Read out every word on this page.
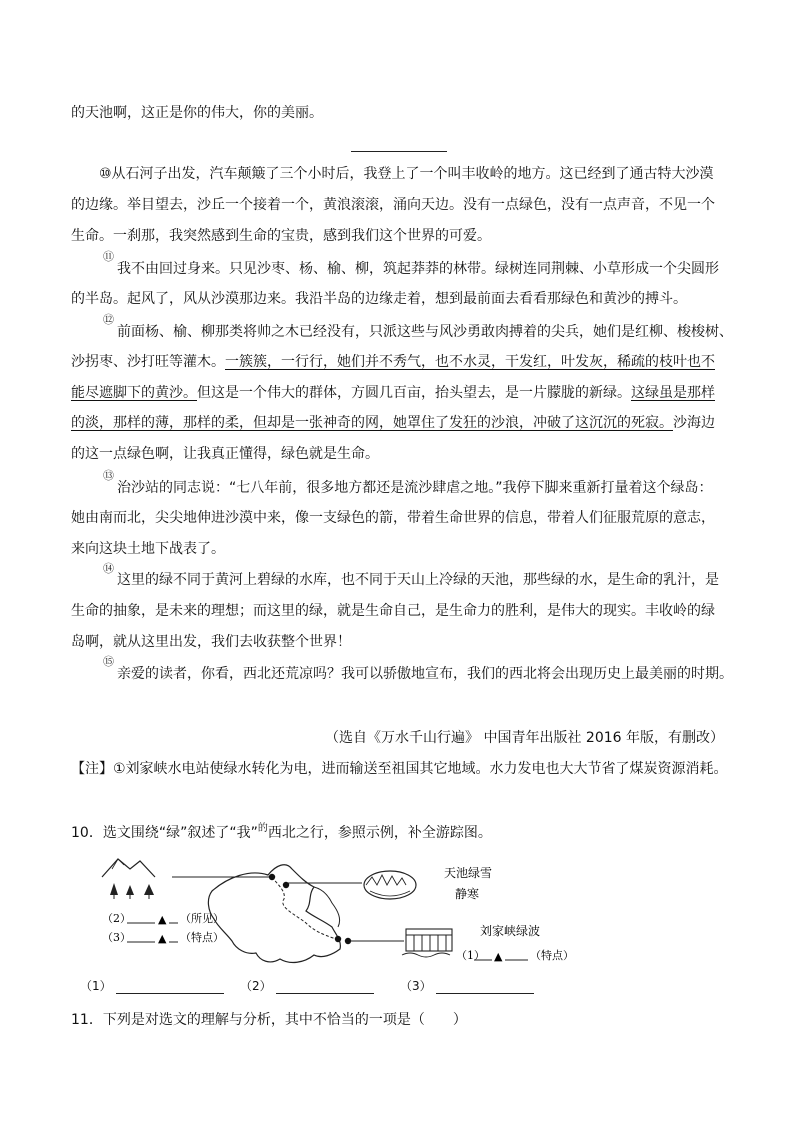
的天池啊，这正是你的伟大，你的美丽。
⑩从石河子出发，汽车颠簸了三个小时后，我登上了一个叫丰收岭的地方。这已经到了通古特大沙漠
的边缘。举目望去，沙丘一个接着一个，黄浪滚滚，涌向天边。没有一点绿色，没有一点声音，不见一个
生命。一刹那，我突然感到生命的宝贵，感到我们这个世界的可爱。
⑪
我不由回过身来。只见沙枣、杨、榆、柳，筑起莽莽的林带。绿树连同荆棘、小草形成一个尖圆形
的半岛。起风了，风从沙漠那边来。我沿半岛的边缘走着，想到最前面去看看那绿色和黄沙的搏斗。
⑫
前面杨、榆、柳那类将帅之木已经没有，只派这些与风沙勇敢肉搏着的尖兵，她们是红柳、梭梭树、
沙拐枣、沙打旺等灌木。一簇簇，一行行，她们并不秀气，也不水灵，干发红，叶发灰，稀疏的枝叶也不
能尽遮脚下的黄沙。但这是一个伟大的群体，方圆几百亩，抬头望去，是一片朦胧的新绿。这绿虽是那样
的淡，那样的薄，那样的柔，但却是一张神奇的网，她罩住了发狂的沙浪，冲破了这沉沉的死寂。沙海边
的这一点绿色啊，让我真正懂得，绿色就是生命。
⑬
治沙站的同志说：“七八年前，很多地方都还是流沙肆虐之地。”我停下脚来重新打量着这个绿岛：
她由南而北，尖尖地伸进沙漠中来，像一支绿色的箭，带着生命世界的信息，带着人们征服荒原的意志，
来向这块土地下战表了。
⑭
这里的绿不同于黄河上碧绿的水库，也不同于天山上冷绿的天池，那些绿的水，是生命的乳汁，是
生命的抽象，是未来的理想；而这里的绿，就是生命自己，是生命力的胜利，是伟大的现实。丰收岭的绿
岛啊，就从这里出发，我们去收获整个世界！
⑮
亲爱的读者，你看，西北还荒凉吗？我可以骄傲地宣布，我们的西北将会出现历史上最美丽的时期。
（选自《万水千山行遍》 中国青年出版社 2016 年版，有删改）
【注】①刘家峡水电站使绿水转化为电，进而输送至祖国其它地域。水力发电也大大节省了煤炭资源消耗。
10．选文围绕“绿”叙述了“我”$^的$西北之行，参照示例，补全游踪图。
（2） ▲ （所见）
（3） ▲ （特点）
天池绿雪
静寒
刘家峡绿波
（1） ▲	（特点）
（1）	（2）	（3）
11．下列是对选文的理解与分析，其中不恰当的一项是（　　）
